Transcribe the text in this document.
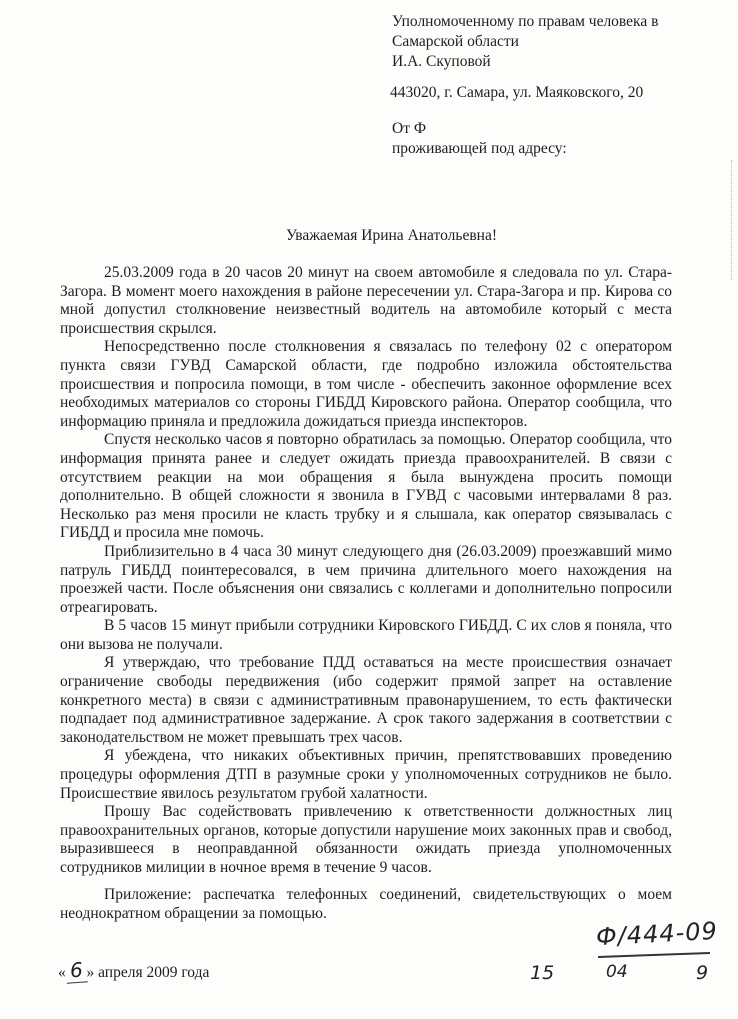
Уполномоченному по правам человека в
Самарской области
И.А. Скуповой
443020, г. Самара, ул. Маяковского, 20
От Ф
проживающей под адресу:
Уважаемая Ирина Анатольевна!

25.03.2009 года в 20 часов 20 минут на своем автомобиле я следовала по ул. Стара-Загора. В момент моего нахождения в районе пересечении ул. Стара-Загора и пр. Кирова со мной допустил столкновение неизвестный водитель на автомобиле который с места происшествия скрылся.

Непосредственно после столкновения я связалась по телефону 02 с оператором пункта связи ГУВД Самарской области, где подробно изложила обстоятельства происшествия и попросила помощи, в том числе - обеспечить законное оформление всех необходимых материалов со стороны ГИБДД Кировского района. Оператор сообщила, что информацию приняла и предложила дожидаться приезда инспекторов.

Спустя несколько часов я повторно обратилась за помощью. Оператор сообщила, что информация принята ранее и следует ожидать приезда правоохранителей. В связи с отсутствием реакции на мои обращения я была вынуждена просить помощи дополнительно. В общей сложности я звонила в ГУВД с часовыми интервалами 8 раз. Несколько раз меня просили не класть трубку и я слышала, как оператор связывалась с ГИБДД и просила мне помочь.

Приблизительно в 4 часа 30 минут следующего дня (26.03.2009) проезжавший мимо патруль ГИБДД поинтересовался, в чем причина длительного моего нахождения на проезжей части. После объяснения они связались с коллегами и дополнительно попросили отреагировать.

В 5 часов 15 минут прибыли сотрудники Кировского ГИБДД. С их слов я поняла, что они вызова не получали.

Я утверждаю, что требование ПДД оставаться на месте происшествия означает ограничение свободы передвижения (ибо содержит прямой запрет на оставление конкретного места) в связи с административным правонарушением, то есть фактически подпадает под административное задержание. А срок такого задержания в соответствии с законодательством не может превышать трех часов.

Я убеждена, что никаких объективных причин, препятствовавших проведению процедуры оформления ДТП в разумные сроки у уполномоченных сотрудников не было. Происшествие явилось результатом грубой халатности.

Прошу Вас содействовать привлечению к ответственности должностных лиц правоохранительных органов, которые допустили нарушение моих законных прав и свобод, выразившееся в неоправданной обязанности ожидать приезда уполномоченных сотрудников милиции в ночное время в течение 9 часов.

Приложение: распечатка телефонных соединений, свидетельствующих о моем неоднократном обращении за помощью.
« 6 » апреля 2009 года
Ф/444-09
15	04	9
